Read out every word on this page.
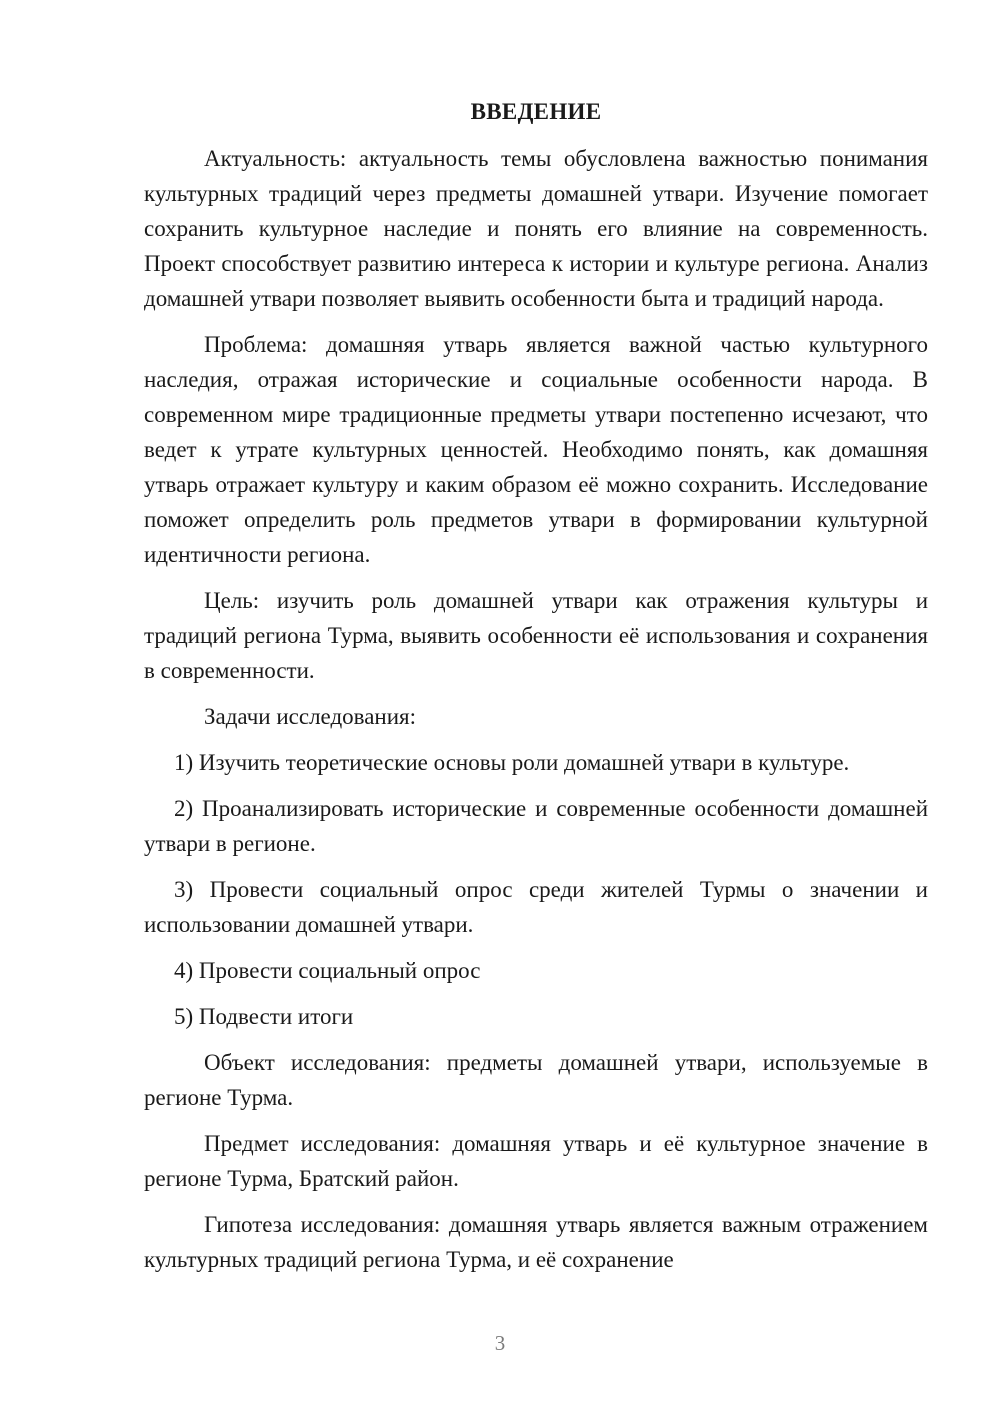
ВВЕДЕНИЕ

Актуальность: актуальность темы обусловлена важностью понимания культурных традиций через предметы домашней утвари. Изучение помогает сохранить культурное наследие и понять его влияние на современность. Проект способствует развитию интереса к истории и культуре региона. Анализ домашней утвари позволяет выявить особенности быта и традиций народа.

Проблема: домашняя утварь является важной частью культурного наследия, отражая исторические и социальные особенности народа. В современном мире традиционные предметы утвари постепенно исчезают, что ведет к утрате культурных ценностей. Необходимо понять, как домашняя утварь отражает культуру и каким образом её можно сохранить. Исследование поможет определить роль предметов утвари в формировании культурной идентичности региона.

Цель: изучить роль домашней утвари как отражения культуры и традиций региона Турма, выявить особенности её использования и сохранения в современности.

Задачи исследования:

1) Изучить теоретические основы роли домашней утвари в культуре.

2) Проанализировать исторические и современные особенности домашней утвари в регионе.

3) Провести социальный опрос среди жителей Турмы о значении и использовании домашней утвари.

4) Провести социальный опрос

5) Подвести итоги

Объект исследования: предметы домашней утвари, используемые в регионе Турма.

Предмет исследования: домашняя утварь и её культурное значение в регионе Турма, Братский район.

Гипотеза исследования: домашняя утварь является важным отражением культурных традиций региона Турма, и её сохранение

3
